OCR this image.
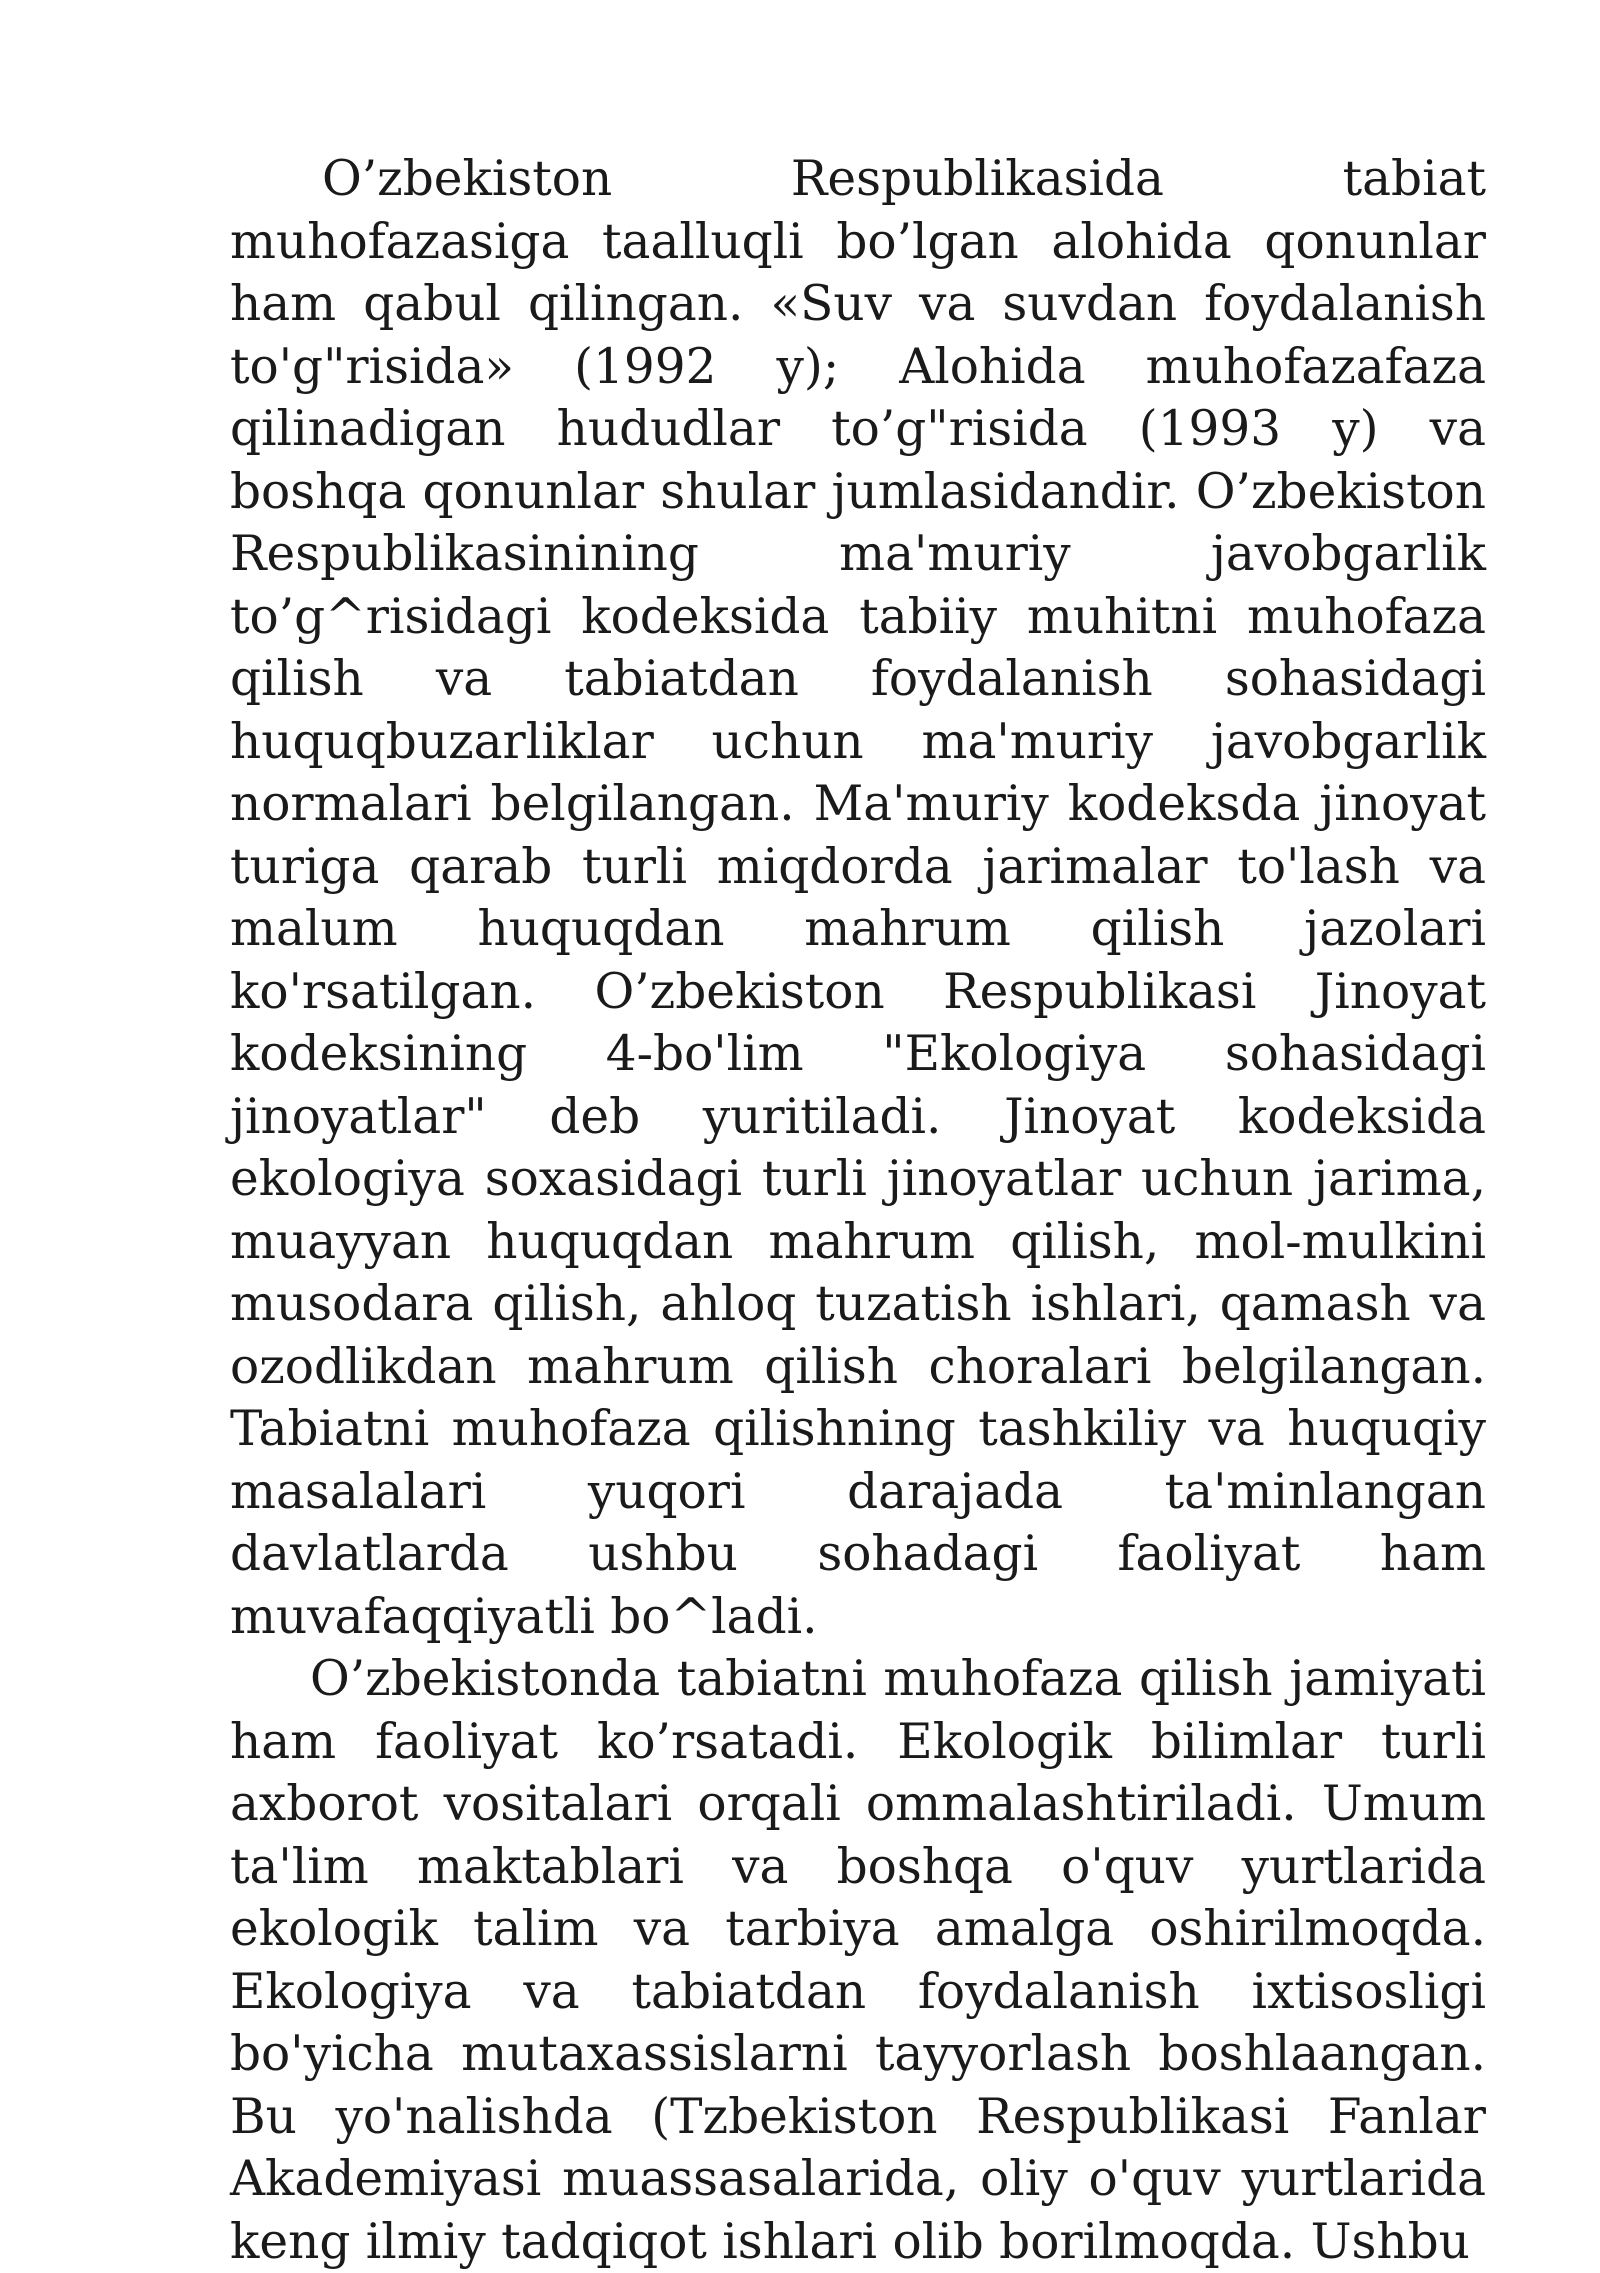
O’zbekiston Respublikasida tabiat muhofazasiga taalluqli bo’lgan alohida qonunlar ham qabul qilingan. «Suv va suvdan foydalanish to'g"risida» (1992 y); Alohida muhofazafaza qilinadigan hududlar to’g"risida (1993 y) va boshqa qonunlar shular jumlasidandir. O’zbekiston Respublikasinining ma'muriy javobgarlik to’g^risidagi kodeksida tabiiy muhitni muhofaza qilish va tabiatdan foydalanish sohasidagi huquqbuzarliklar uchun ma'muriy javobgarlik normalari belgilangan. Ma'muriy kodeksda jinoyat turiga qarab turli miqdorda jarimalar to'lash va malum huquqdan mahrum qilish jazolari ko'rsatilgan. O’zbekiston Respublikasi Jinoyat kodeksining 4-bo'lim "Ekologiya sohasidagi jinoyatlar" deb yuritiladi. Jinoyat kodeksida ekologiya soxasidagi turli jinoyatlar uchun jarima, muayyan huquqdan mahrum qilish, mol-mulkini musodara qilish, ahloq tuzatish ishlari, qamash va ozodlikdan mahrum qilish choralari belgilangan. Tabiatni muhofaza qilishning tashkiliy va huquqiy masalalari yuqori darajada ta'minlangan davlatlarda ushbu sohadagi faoliyat ham muvafaqqiyatli bo^ladi.

O’zbekistonda tabiatni muhofaza qilish jamiyati ham faoliyat ko’rsatadi. Ekologik bilimlar turli axborot vositalari orqali ommalashtiriladi. Umum ta'lim maktablari va boshqa o'quv yurtlarida ekologik talim va tarbiya amalga oshirilmoqda. Ekologiya va tabiatdan foydalanish ixtisosligi bo'yicha mutaxassislarni tayyorlash boshlaangan. Bu yo'nalishda (Tzbekiston Respublikasi Fanlar Akademiyasi muassasalarida, oliy o'quv yurtlarida keng ilmiy tadqiqot ishlari olib borilmoqda. Ushbu
